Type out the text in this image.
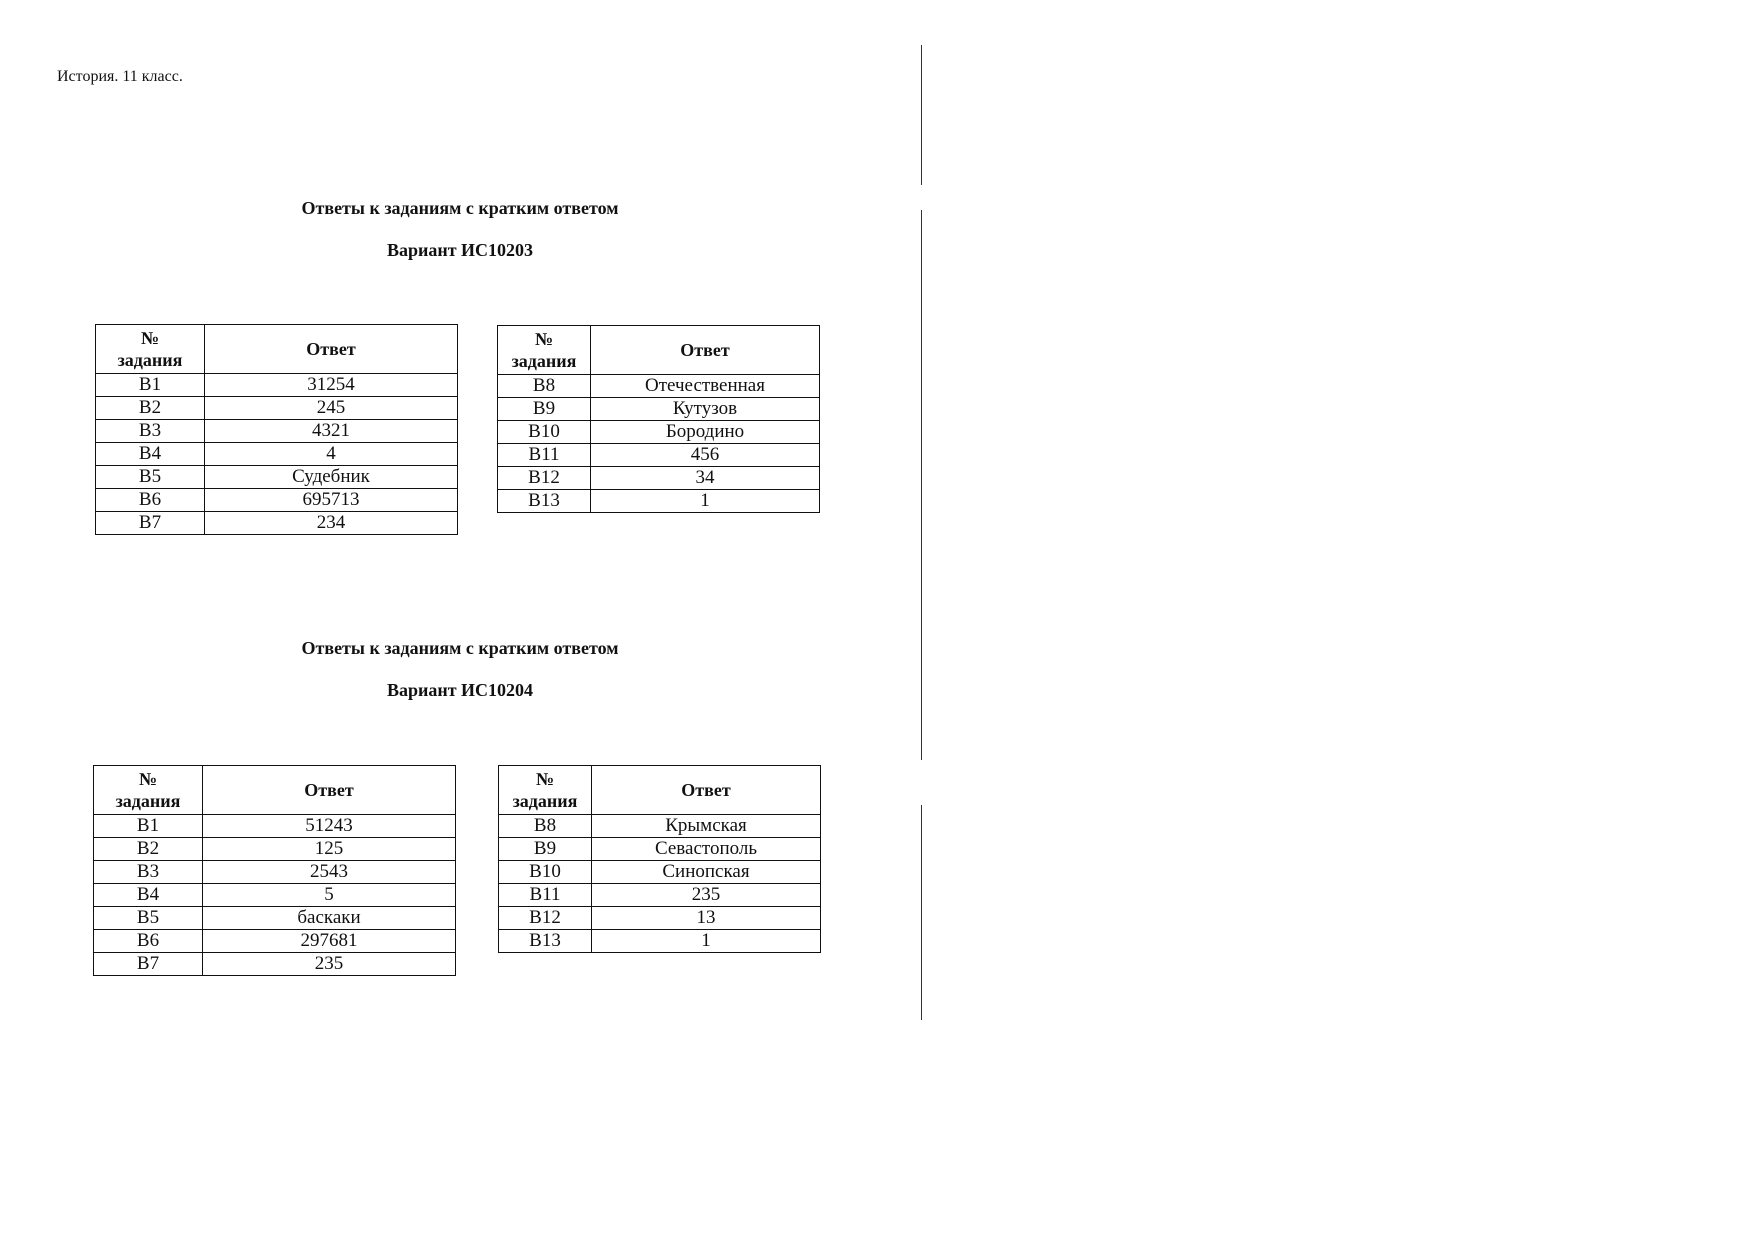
История. 11 класс.
Ответы к заданиям с кратким ответом
Вариант ИС10203
№
задания	Ответ
B1	31254
B2	245
B3	4321
B4	4
B5	Судебник
B6	695713
B7	234
№
задания	Ответ
B8	Отечественная
B9	Кутузов
B10	Бородино
B11	456
B12	34
B13	1
Ответы к заданиям с кратким ответом
Вариант ИС10204
№
задания	Ответ
B1	51243
B2	125
B3	2543
B4	5
B5	баскаки
B6	297681
B7	235
№
задания	Ответ
B8	Крымская
B9	Севастополь
B10	Синопская
B11	235
B12	13
B13	1
